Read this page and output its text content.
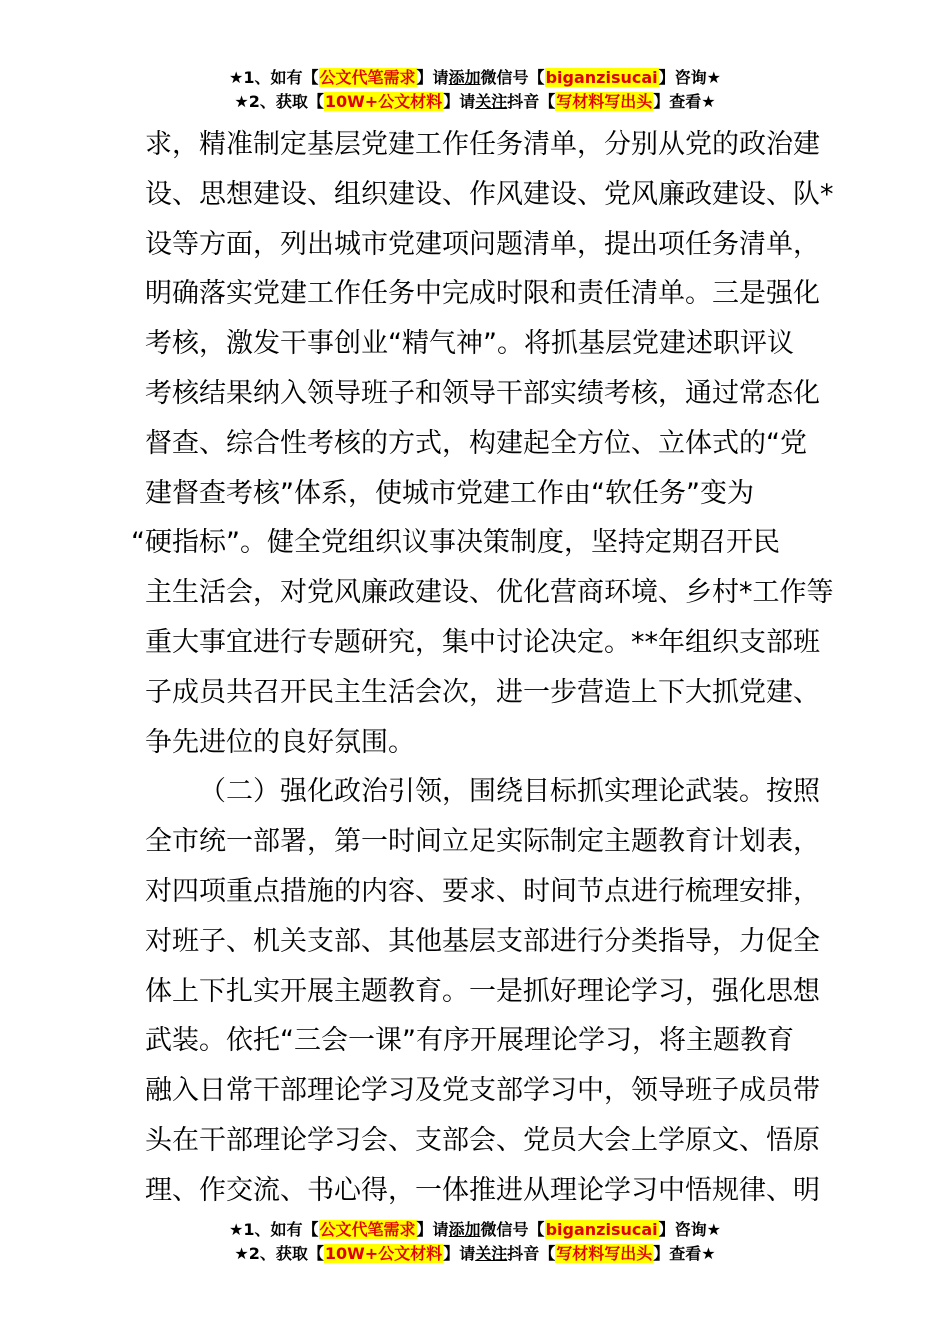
★1、如有【公文代笔需求】请添加微信号【biganzisucai】咨询★
★2、获取【10W+公文材料】请关注抖音【写材料写出头】查看★
求，精准制定基层党建工作任务清单，分别从党的政治建
设、思想建设、组织建设、作风建设、党风廉政建设、队*
设等方面，列出城市党建项问题清单，提出项任务清单，
明确落实党建工作任务中完成时限和责任清单。三是强化
考核，激发干事创业“精气神”。将抓基层党建述职评议
考核结果纳入领导班子和领导干部实绩考核，通过常态化
督查、综合性考核的方式，构建起全方位、立体式的“党
建督查考核”体系，使城市党建工作由“软任务”变为
“硬指标”。健全党组织议事决策制度，坚持定期召开民
主生活会，对党风廉政建设、优化营商环境、乡村*工作等
重大事宜进行专题研究，集中讨论决定。**年组织支部班
子成员共召开民主生活会次，进一步营造上下大抓党建、
争先进位的良好氛围。
（二）强化政治引领，围绕目标抓实理论武装。按照
全市统一部署，第一时间立足实际制定主题教育计划表，
对四项重点措施的内容、要求、时间节点进行梳理安排，
对班子、机关支部、其他基层支部进行分类指导，力促全
体上下扎实开展主题教育。一是抓好理论学习，强化思想
武装。依托“三会一课”有序开展理论学习，将主题教育
融入日常干部理论学习及党支部学习中，领导班子成员带
头在干部理论学习会、支部会、党员大会上学原文、悟原
理、作交流、书心得，一体推进从理论学习中悟规律、明
★1、如有【公文代笔需求】请添加微信号【biganzisucai】咨询★
★2、获取【10W+公文材料】请关注抖音【写材料写出头】查看★
